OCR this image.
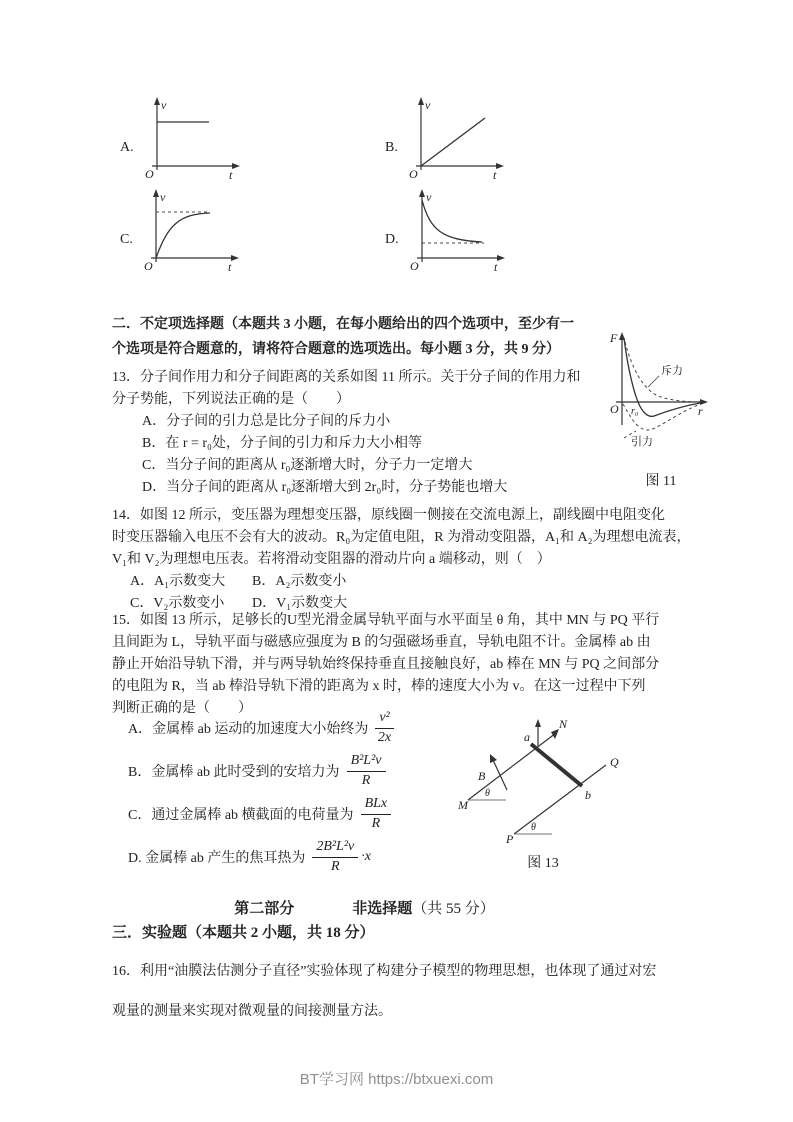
A.
v
O	t
B.
v
O	t
C.
v
O	t
D.
v
O	t
二．不定项选择题（本题共 3 小题，在每小题给出的四个选项中，至少有一
个选项是符合题意的，请将符合题意的选项选出。每小题 3 分，共 9 分）
斥力
引力
F
O r₀	r
图 11
13．分子间作用力和分子间距离的关系如图 11 所示。关于分子间的作用力和
分子势能，下列说法正确的是（　　）
A．分子间的引力总是比分子间的斥力小
B．在 r = r₀处，分子间的引力和斥力大小相等
C．当分子间的距离从 r₀逐渐增大时，分子力一定增大
D．当分子间的距离从 r₀逐渐增大到 2r₀时，分子势能也增大
14．如图 12 所示，变压器为理想变压器，原线圈一侧接在交流电源上，副线圈中电阻变化
时变压器输入电压不会有大的波动。R₀为定值电阻，R 为滑动变阻器，A₁和 A₂为理想电流表，
V₁和 V₂为理想电压表。若将滑动变阻器的滑动片向 a 端移动，则（　）
A．A₁示数变大	B．A₂示数变小
C．V₂示数变小	D．V₁示数变大
15．如图 13 所示，足够长的U型光滑金属导轨平面与水平面呈 θ 角，其中 MN 与 PQ 平行
且间距为 L，导轨平面与磁感应强度为 B 的匀强磁场垂直，导轨电阻不计。金属棒 ab 由
静止开始沿导轨下滑，并与两导轨始终保持垂直且接触良好，ab 棒在 MN 与 PQ 之间部分
的电阻为 R，当 ab 棒沿导轨下滑的距离为 x 时，棒的速度大小为 v。在这一过程中下列
判断正确的是（　　）
A．金属棒 ab 运动的加速度大小始终为 $\frac{\text{v²}}{2x}$
B．金属棒 ab 此时受到的安培力为 $\frac{\text{B²L²v}}{R}$
C．通过金属棒 ab 横截面的电荷量为 $\frac{\text{BLx}}{R}$
D. 金属棒 ab 产生的焦耳热为 $\frac{\text{2B²L²v}}{R} \cdot x$
N
Q
M
P
a
b
B
θ
θ
图 13
第二部分	非选择题（共 55 分）
三．实验题（本题共 2 小题，共 18 分）
16．利用“油膜法估测分子直径”实验体现了构建分子模型的物理思想，也体现了通过对宏
观量的测量来实现对微观量的间接测量方法。
BT学习网 https://btxuexi.com
